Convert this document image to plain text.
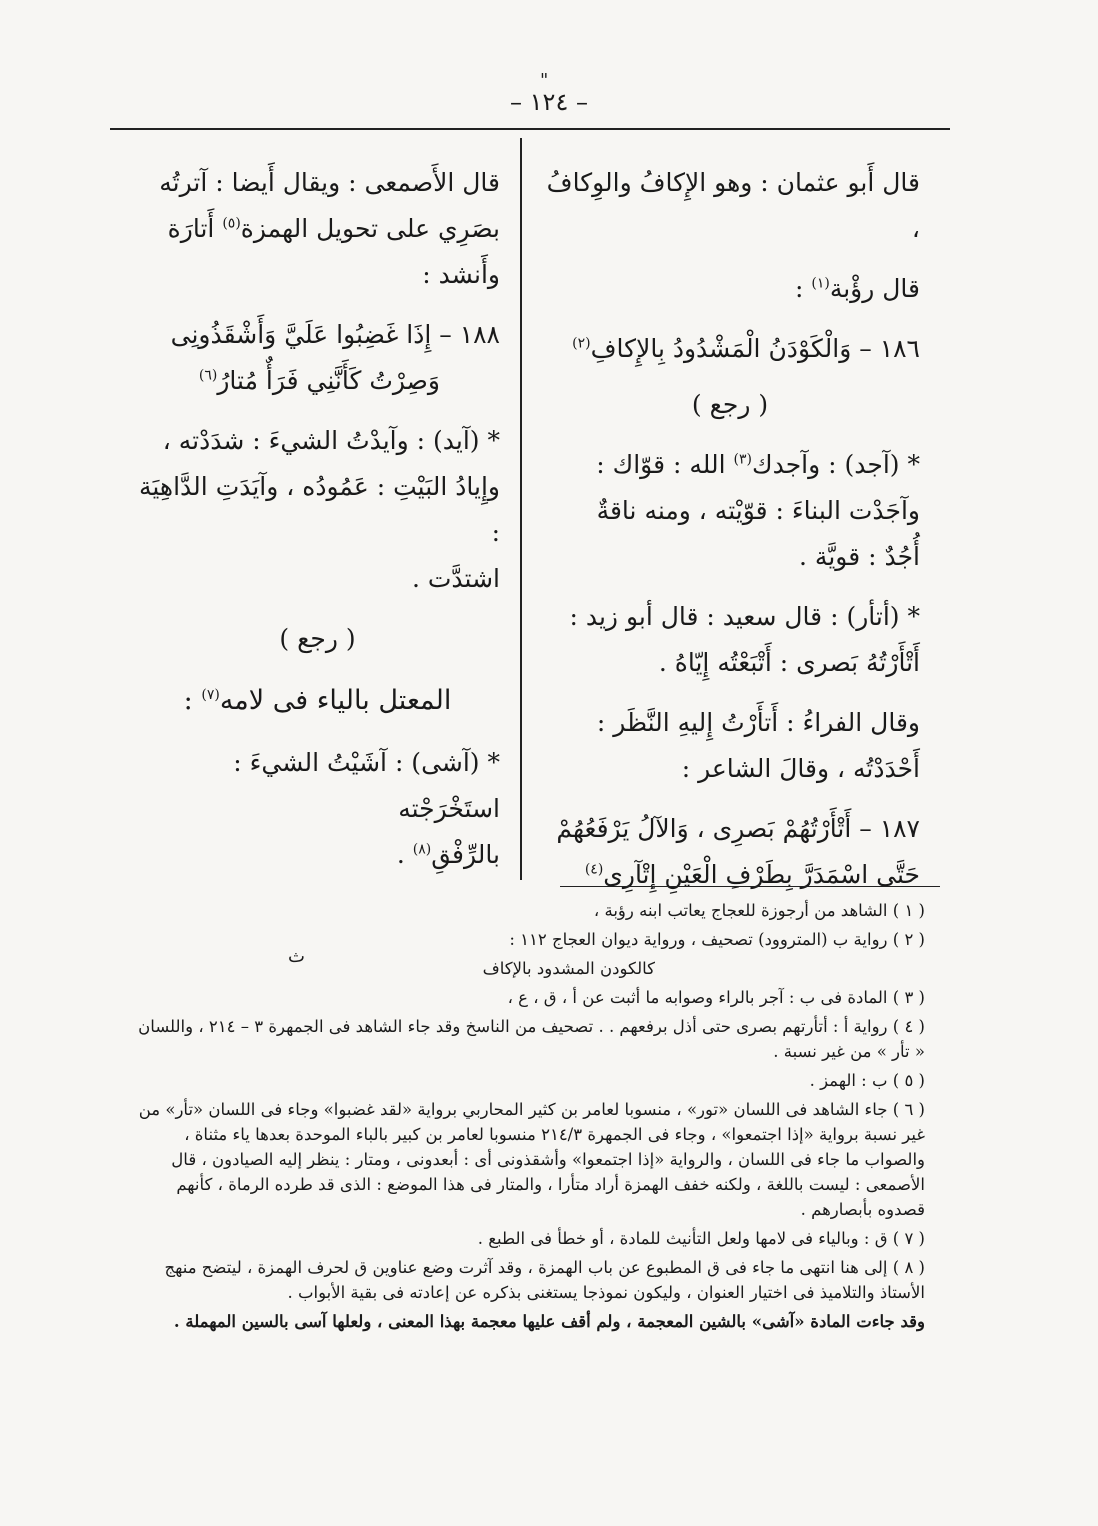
"
– ١٢٤ –

قال أَبو عثمان : وهو الإِكافُ والوِكافُ ،

قال رؤْبة$^{(١)}$ :

١٨٦ – وَالْكَوْدَنُ الْمَشْدُودُ بِالإِكافِ$^{(٢)}$
( رجع )

* (آجد) : وآجدك$^{(٣)}$ الله : قوّاك :
وآجَدْت البناءَ : قوّيْته ، ومنه ناقةٌ
أُجُدٌ : قويَّة .

* (أتأر) : قال سعيد : قال أبو زيد :
أَتْأَرْتُهُ بَصرى : أَتْبَعْتُه إِيّاهُ .

وقال الفراءُ : أَتأَرْتُ إِليهِ النَّظَر :
أَحْدَدْتُه ، وقالَ الشاعر :

١٨٧ – أَتْأَرْتُهُمْ بَصرِى ، وَالآلُ يَرْفَعُهُمْ
حَتَّى اسْمَدَرَّ بِطَرْفِ الْعَيْنِ إِتْآرِى$^{(٤)}$

قال الأَصمعى : ويقال أَيضا : آترتُه
بصَرِي على تحويل الهمزة$^{(٥)}$ أَتارَة
وأَنشد :

١٨٨ – إِذَا غَضِبُوا عَلَيَّ وَأَشْقَذُونِى
وَصِرْتُ كَأَنَّنِي فَرَأٌ مُتارُ$^{(٦)}$

* (آيد) : وآيدْتُ الشيءَ : شدَدْته ،
وإِيادُ البَيْتِ : عَمُودُه ، وآيَدَتِ الدَّاهِيَة :
اشتدَّت .

( رجع )
المعتل بالياء فى لامه$^{(٧)}$ :

* (آشى) : آشَيْتُ الشيءَ : استَخْرَجْته
بالرِّفْقِ$^{(٨)}$ .

( ١ ) الشاهد من أرجوزة للعجاج يعاتب ابنه رؤبة ،

( ٢ ) رواية ب (المتروود) تصحيف ، ورواية ديوان العجاج ١١٢ :

كالكودن المشدود بالإكاف

( ٣ ) المادة فى ب : آجر بالراء وصوابه ما أثبت عن أ ، ق ، ع ،

( ٤ ) رواية أ : أتأرتهم بصرى حتى أذل برفعهم . . تصحيف من الناسخ وقد جاء الشاهد فى الجمهرة ٣ – ٢١٤ ، واللسان « تأر » من غير نسبة .

( ٥ ) ب : الهمز .

( ٦ ) جاء الشاهد فى اللسان «تور» ، منسوبا لعامر بن كثير المحاربي برواية «لقد غضبوا» وجاء فى اللسان «تأر» من غير نسبة برواية «إذا اجتمعوا» ، وجاء فى الجمهرة ٢١٤/٣ منسوبا لعامر بن كبير بالباء الموحدة بعدها ياء مثناة ، والصواب ما جاء فى اللسان ، والرواية «إذا اجتمعوا» وأشقذونى أى : أبعدونى ، ومتار : ينظر إليه الصيادون ، قال الأصمعى : ليست باللغة ، ولكنه خفف الهمزة أراد متأرا ، والمتار فى هذا الموضع : الذى قد طرده الرماة ، كأنهم قصدوه بأبصارهم .

( ٧ ) ق : وبالياء فى لامها ولعل التأنيث للمادة ، أو خطأ فى الطبع .

( ٨ ) إلى هنا انتهى ما جاء فى ق المطبوع عن باب الهمزة ، وقد آثرت وضع عناوين ق لحرف الهمزة ، ليتضح منهج الأستاذ والتلاميذ فى اختيار العنوان ، وليكون نموذجا يستغنى بذكره عن إعادته فى بقية الأبواب .

وقد جاءت المادة «آشى» بالشين المعجمة ، ولم أقف عليها معجمة بهذا المعنى ، ولعلها آسى بالسين المهملة .

ث
